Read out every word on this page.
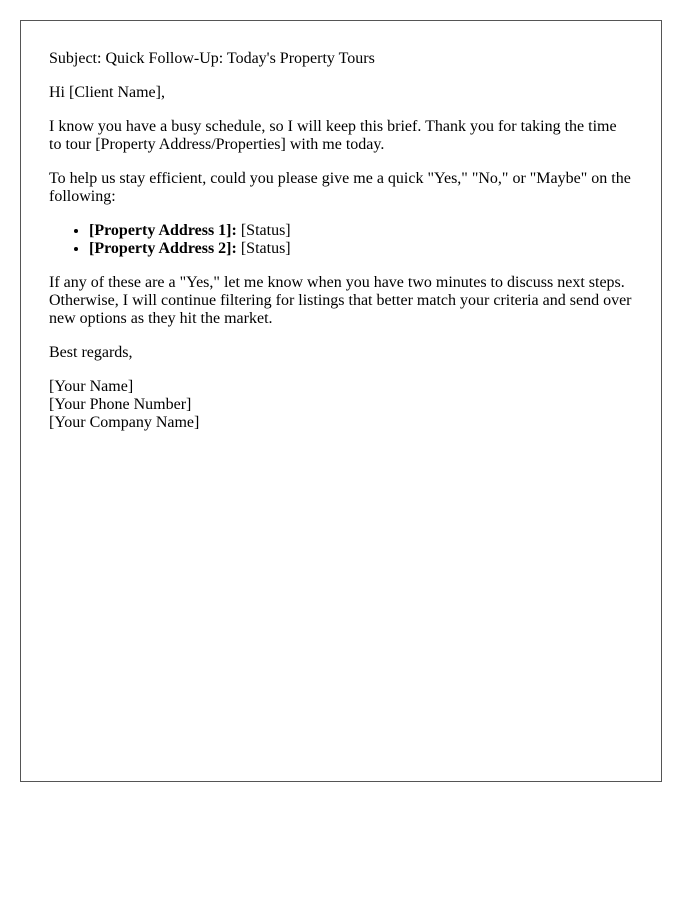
Subject: Quick Follow-Up: Today's Property Tours

Hi [Client Name],

I know you have a busy schedule, so I will keep this brief. Thank you for taking the time to tour [Property Address/Properties] with me today.

To help us stay efficient, could you please give me a quick "Yes," "No," or "Maybe" on the following:

• [Property Address 1]: [Status]
• [Property Address 2]: [Status]

If any of these are a "Yes," let me know when you have two minutes to discuss next steps. Otherwise, I will continue filtering for listings that better match your criteria and send over new options as they hit the market.

Best regards,

[Your Name]
[Your Phone Number]
[Your Company Name]
